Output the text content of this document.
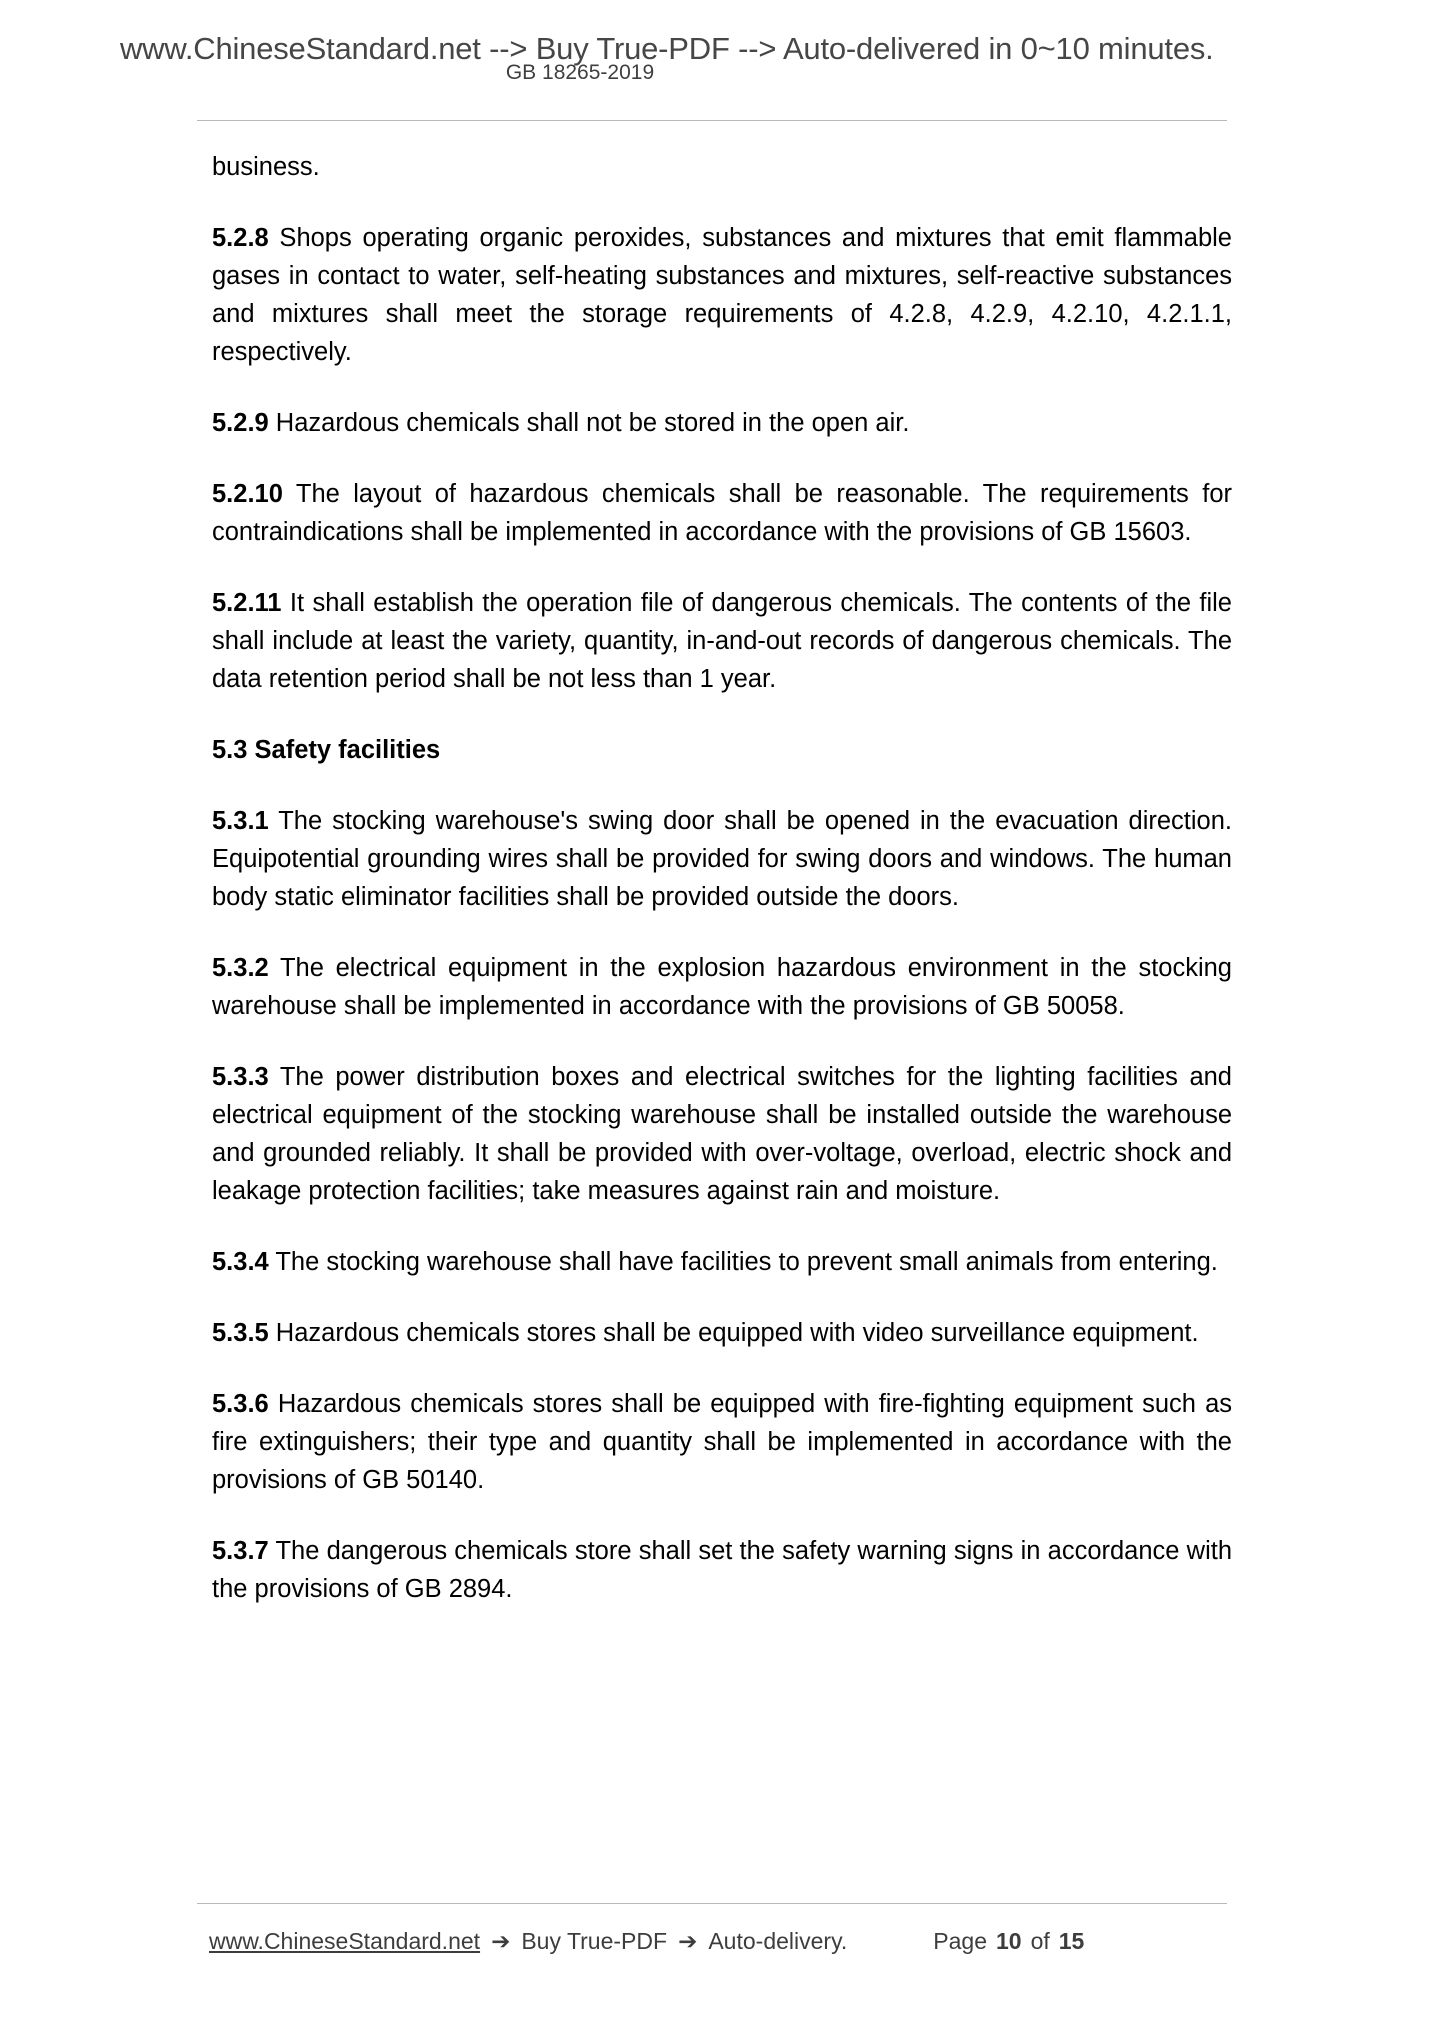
www.ChineseStandard.net --> Buy True-PDF --> Auto-delivered in 0~10 minutes.
GB 18265-2019

business.

5.2.8 Shops operating organic peroxides, substances and mixtures that emit flammable gases in contact to water, self-heating substances and mixtures, self-reactive substances and mixtures shall meet the storage requirements of 4.2.8, 4.2.9, 4.2.10, 4.2.1.1, respectively.

5.2.9 Hazardous chemicals shall not be stored in the open air.

5.2.10 The layout of hazardous chemicals shall be reasonable. The requirements for contraindications shall be implemented in accordance with the provisions of GB 15603.

5.2.11 It shall establish the operation file of dangerous chemicals. The contents of the file shall include at least the variety, quantity, in-and-out records of dangerous chemicals. The data retention period shall be not less than 1 year.

5.3 Safety facilities

5.3.1 The stocking warehouse's swing door shall be opened in the evacuation direction. Equipotential grounding wires shall be provided for swing doors and windows. The human body static eliminator facilities shall be provided outside the doors.

5.3.2 The electrical equipment in the explosion hazardous environment in the stocking warehouse shall be implemented in accordance with the provisions of GB 50058.

5.3.3 The power distribution boxes and electrical switches for the lighting facilities and electrical equipment of the stocking warehouse shall be installed outside the warehouse and grounded reliably. It shall be provided with over-voltage, overload, electric shock and leakage protection facilities; take measures against rain and moisture.

5.3.4 The stocking warehouse shall have facilities to prevent small animals from entering.

5.3.5 Hazardous chemicals stores shall be equipped with video surveillance equipment.

5.3.6 Hazardous chemicals stores shall be equipped with fire-fighting equipment such as fire extinguishers; their type and quantity shall be implemented in accordance with the provisions of GB 50140.

5.3.7 The dangerous chemicals store shall set the safety warning signs in accordance with the provisions of GB 2894.

www.ChineseStandard.net ➔ Buy True-PDF ➔ Auto-delivery.	Page 10 of 15
